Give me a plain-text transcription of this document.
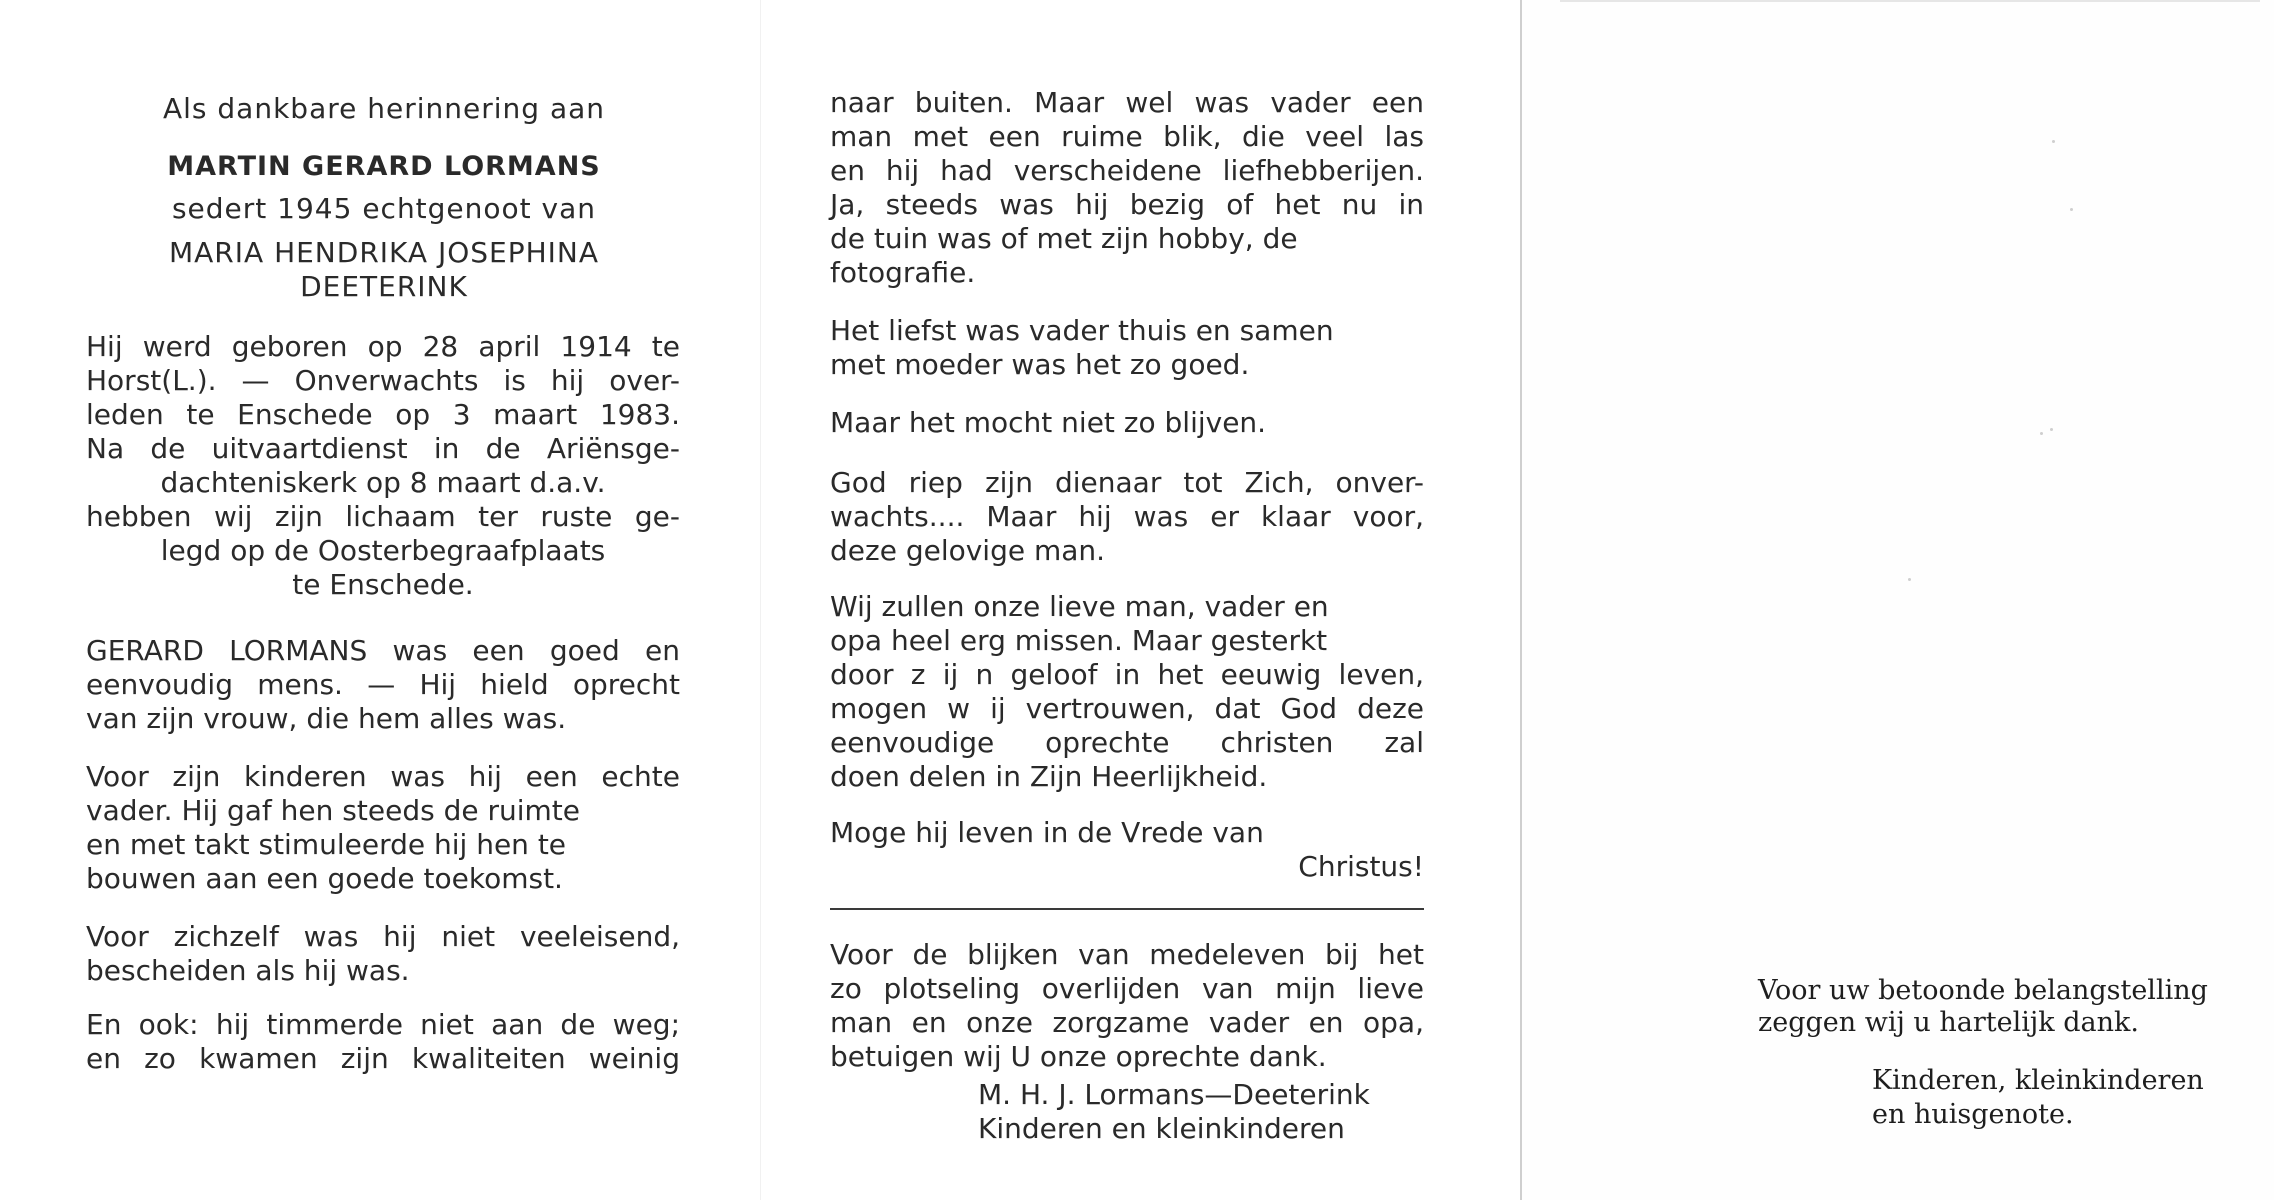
Als dankbare herinnering aan
MARTIN GERARD LORMANS
sedert 1945 echtgenoot van
MARIA HENDRIKA JOSEPHINA
DEETERINK
Hij werd geboren op 28 april 1914 te
Horst(L.). — Onverwachts is hij over-
leden te Enschede op 3 maart 1983.
Na de uitvaartdienst in de Ariënsge-
dachteniskerk op 8 maart d.a.v.
hebben wij zijn lichaam ter ruste ge-
legd op de Oosterbegraafplaats
te Enschede.
GERARD LORMANS was een goed en
eenvoudig mens. — Hij hield oprecht
van zijn vrouw, die hem alles was.
Voor zijn kinderen was hij een echte
vader. Hij gaf hen steeds de ruimte
en met takt stimuleerde hij hen te
bouwen aan een goede toekomst.
Voor zichzelf was hij niet veeleisend,
bescheiden als hij was.
En ook: hij timmerde niet aan de weg;
en zo kwamen zijn kwaliteiten weinig
naar buiten. Maar wel was vader een
man met een ruime blik, die veel las
en hij had verscheidene liefhebberijen.
Ja, steeds was hij bezig of het nu in
de tuin was of met zijn hobby, de
fotografie.
Het liefst was vader thuis en samen
met moeder was het zo goed.
Maar het mocht niet zo blijven.
God riep zijn dienaar tot Zich, onver-
wachts.... Maar hij was er klaar voor,
deze gelovige man.
Wij zullen onze lieve man, vader en
opa heel erg missen. Maar gesterkt
door z ij n geloof in het eeuwig leven,
mogen w ij vertrouwen, dat God deze
eenvoudige oprechte christen zal
doen delen in Zijn Heerlijkheid.
Moge hij leven in de Vrede van
Christus!
Voor de blijken van medeleven bij het
zo plotseling overlijden van mijn lieve
man en onze zorgzame vader en opa,
betuigen wij U onze oprechte dank.
M. H. J. Lormans—Deeterink
Kinderen en kleinkinderen
Voor uw betoonde belangstelling
zeggen wij u hartelijk dank.
Kinderen, kleinkinderen
en huisgenote.
